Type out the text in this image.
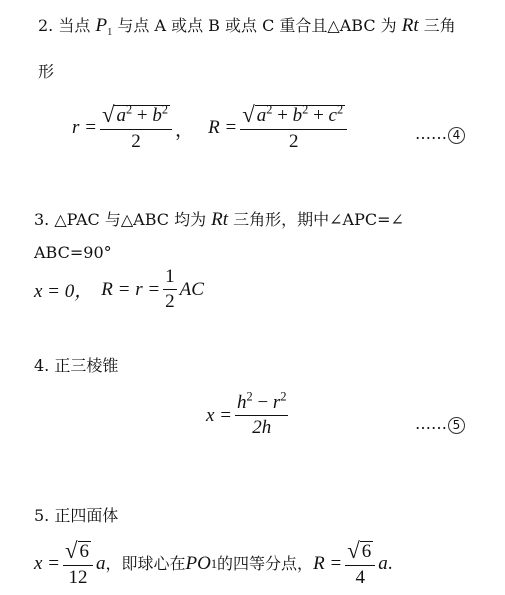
2. 当点 $P_1$ 与点 A 或点 B 或点 C 重合且△ABC 为 Rt 三角
形
$r = \frac{√ a^2 + b^2}{2}$ ， $R = \frac{√ a^2 + b^2 + c^2}{2}$	…… 4
3. △PAC 与△ABC 均为 Rt 三角形，期中∠APC=∠
ABC=90°
x = 0， $R = r = \frac{1}{2}$ AC
4. 正三棱锥
$x = \frac{h^2 - r^2}{2h}$	…… 5
5. 正四面体
$x = \frac{√ 6}{12}$ a ，即球心在 PO 1 的四等分点， $R = \frac{√ 6}{4}$ a .
